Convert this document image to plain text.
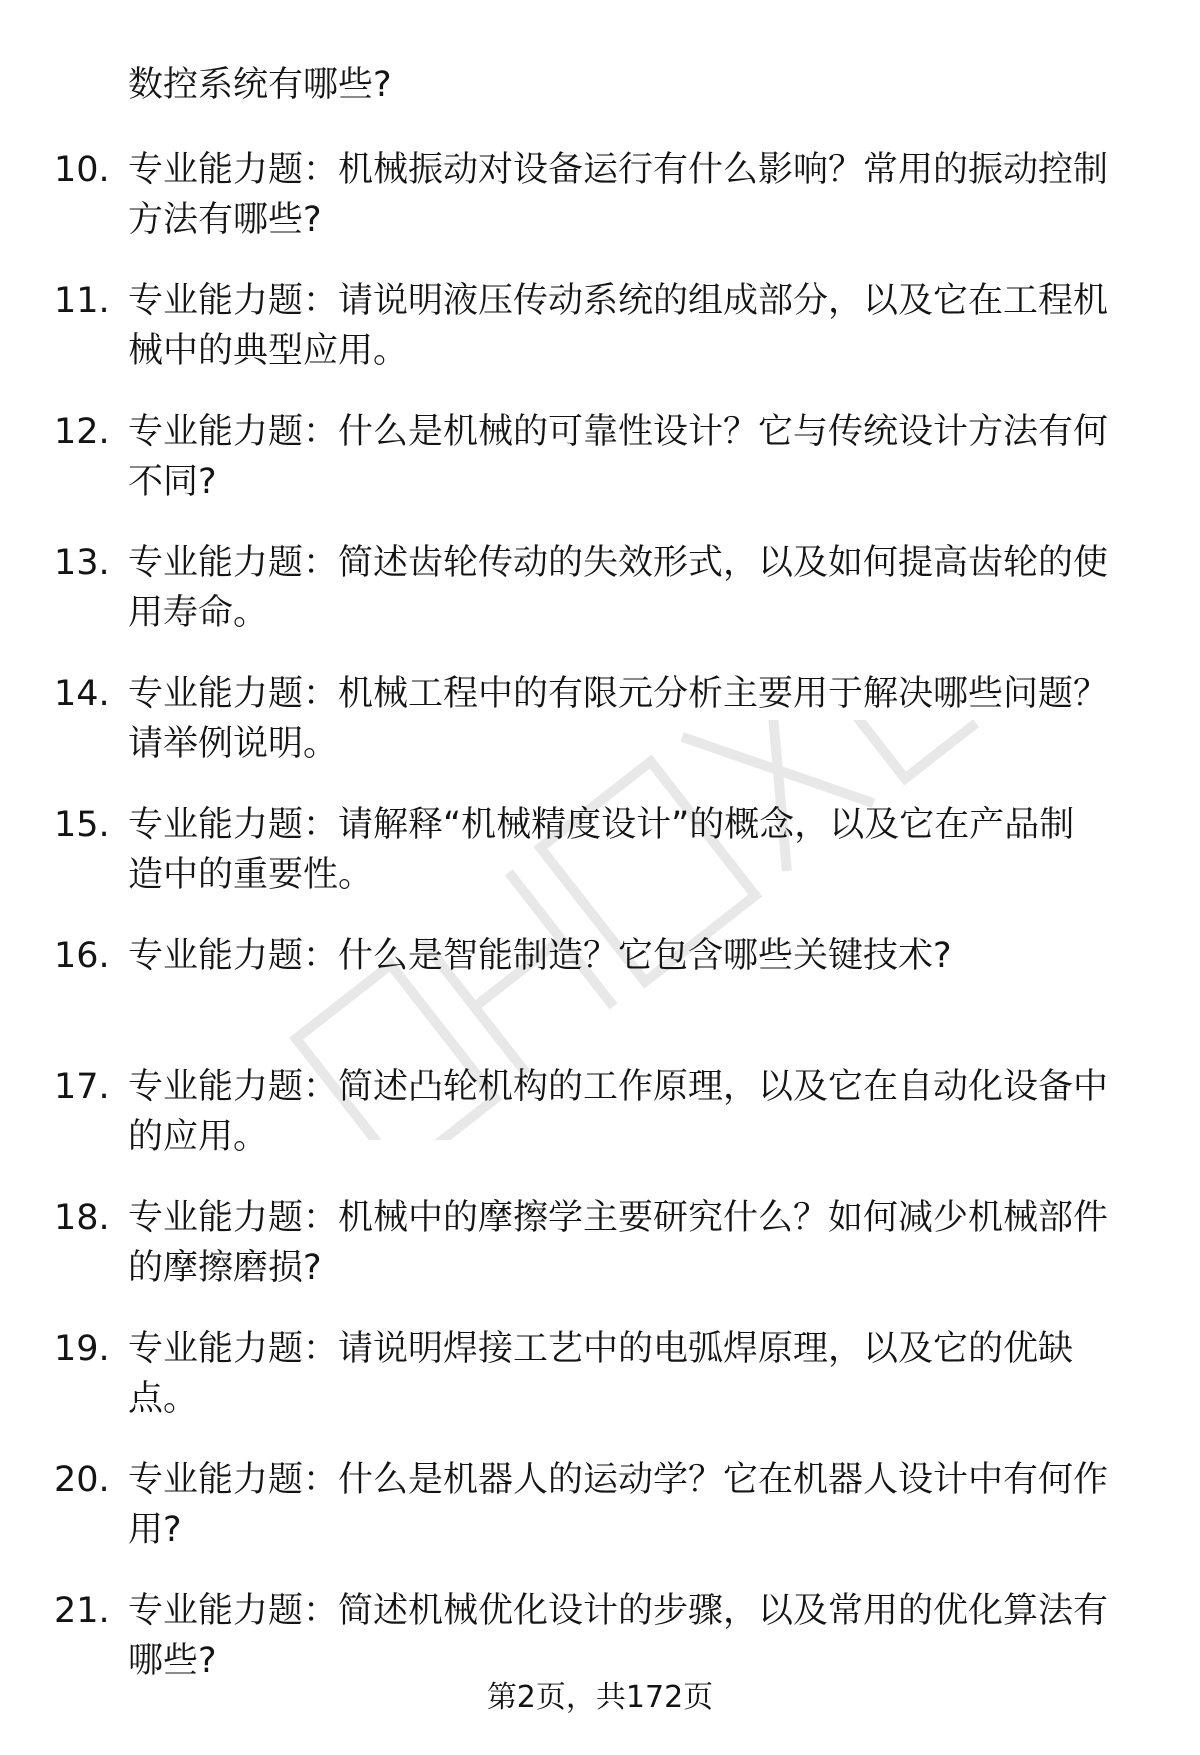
数控系统有哪些?
10. 专业能力题：机械振动对设备运行有什么影响？常用的振动控制
方法有哪些?
11. 专业能力题：请说明液压传动系统的组成部分，以及它在工程机
械中的典型应用。
12. 专业能力题：什么是机械的可靠性设计？它与传统设计方法有何
不同?
13. 专业能力题：简述齿轮传动的失效形式，以及如何提高齿轮的使
用寿命。
14. 专业能力题：机械工程中的有限元分析主要用于解决哪些问题？
请举例说明。
15. 专业能力题：请解释“机械精度设计”的概念，以及它在产品制
造中的重要性。
16. 专业能力题：什么是智能制造？它包含哪些关键技术?
17. 专业能力题：简述凸轮机构的工作原理，以及它在自动化设备中
的应用。
18. 专业能力题：机械中的摩擦学主要研究什么？如何减少机械部件
的摩擦磨损?
19. 专业能力题：请说明焊接工艺中的电弧焊原理，以及它的优缺
点。
20. 专业能力题：什么是机器人的运动学？它在机器人设计中有何作
用?
21. 专业能力题：简述机械优化设计的步骤，以及常用的优化算法有
哪些?
第2页，共172页
